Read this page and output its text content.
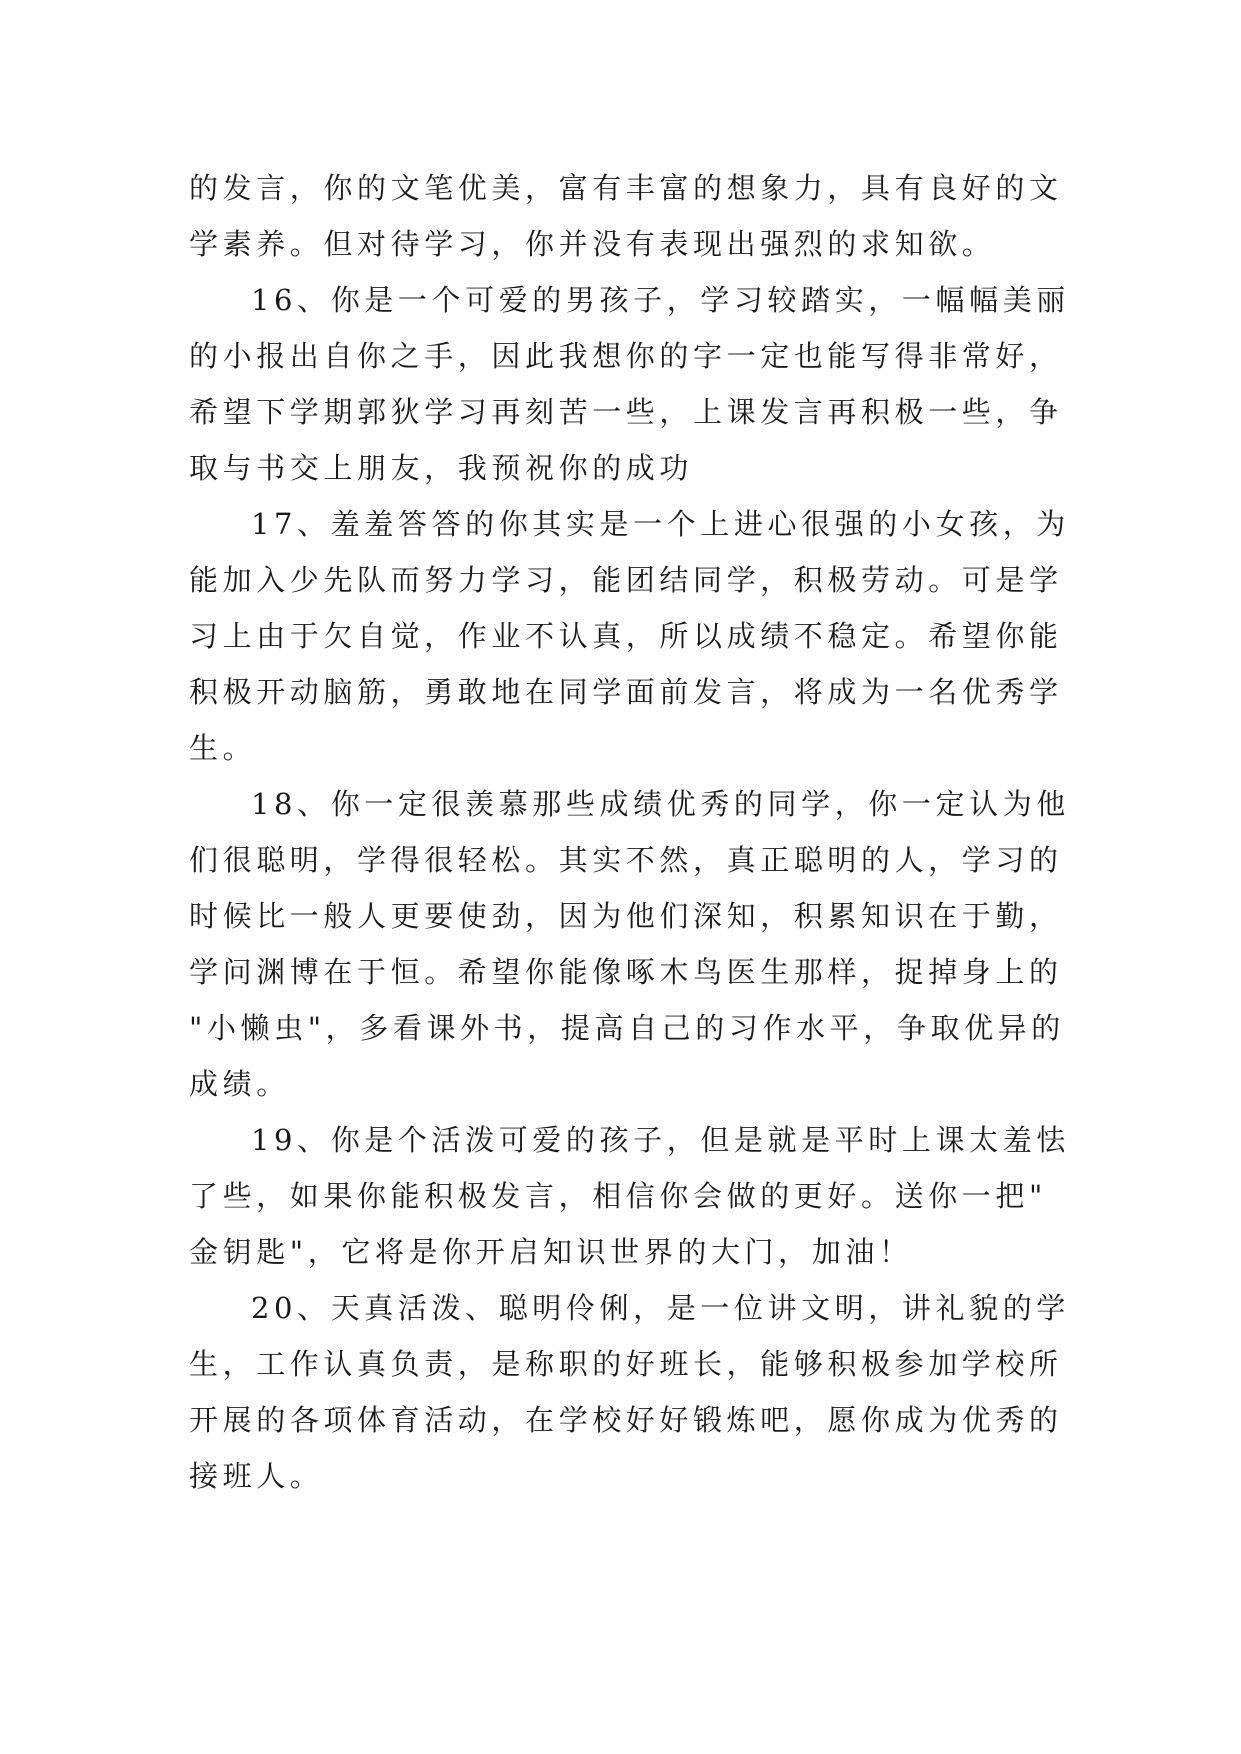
的发言，你的文笔优美，富有丰富的想象力，具有良好的文
学素养。但对待学习，你并没有表现出强烈的求知欲。
16、你是一个可爱的男孩子，学习较踏实，一幅幅美丽
的小报出自你之手，因此我想你的字一定也能写得非常好，
希望下学期郭狄学习再刻苦一些，上课发言再积极一些，争
取与书交上朋友，我预祝你的成功
17、羞羞答答的你其实是一个上进心很强的小女孩，为
能加入少先队而努力学习，能团结同学，积极劳动。可是学
习上由于欠自觉，作业不认真，所以成绩不稳定。希望你能
积极开动脑筋，勇敢地在同学面前发言，将成为一名优秀学
生。
18、你一定很羡慕那些成绩优秀的同学，你一定认为他
们很聪明，学得很轻松。其实不然，真正聪明的人，学习的
时候比一般人更要使劲，因为他们深知，积累知识在于勤，
学问渊博在于恒。希望你能像啄木鸟医生那样，捉掉身上的
"小懒虫"，多看课外书，提高自己的习作水平，争取优异的
成绩。
19、你是个活泼可爱的孩子，但是就是平时上课太羞怯
了些，如果你能积极发言，相信你会做的更好。送你一把"
金钥匙"，它将是你开启知识世界的大门，加油！
20、天真活泼、聪明伶俐，是一位讲文明，讲礼貌的学
生，工作认真负责，是称职的好班长，能够积极参加学校所
开展的各项体育活动，在学校好好锻炼吧，愿你成为优秀的
接班人。
